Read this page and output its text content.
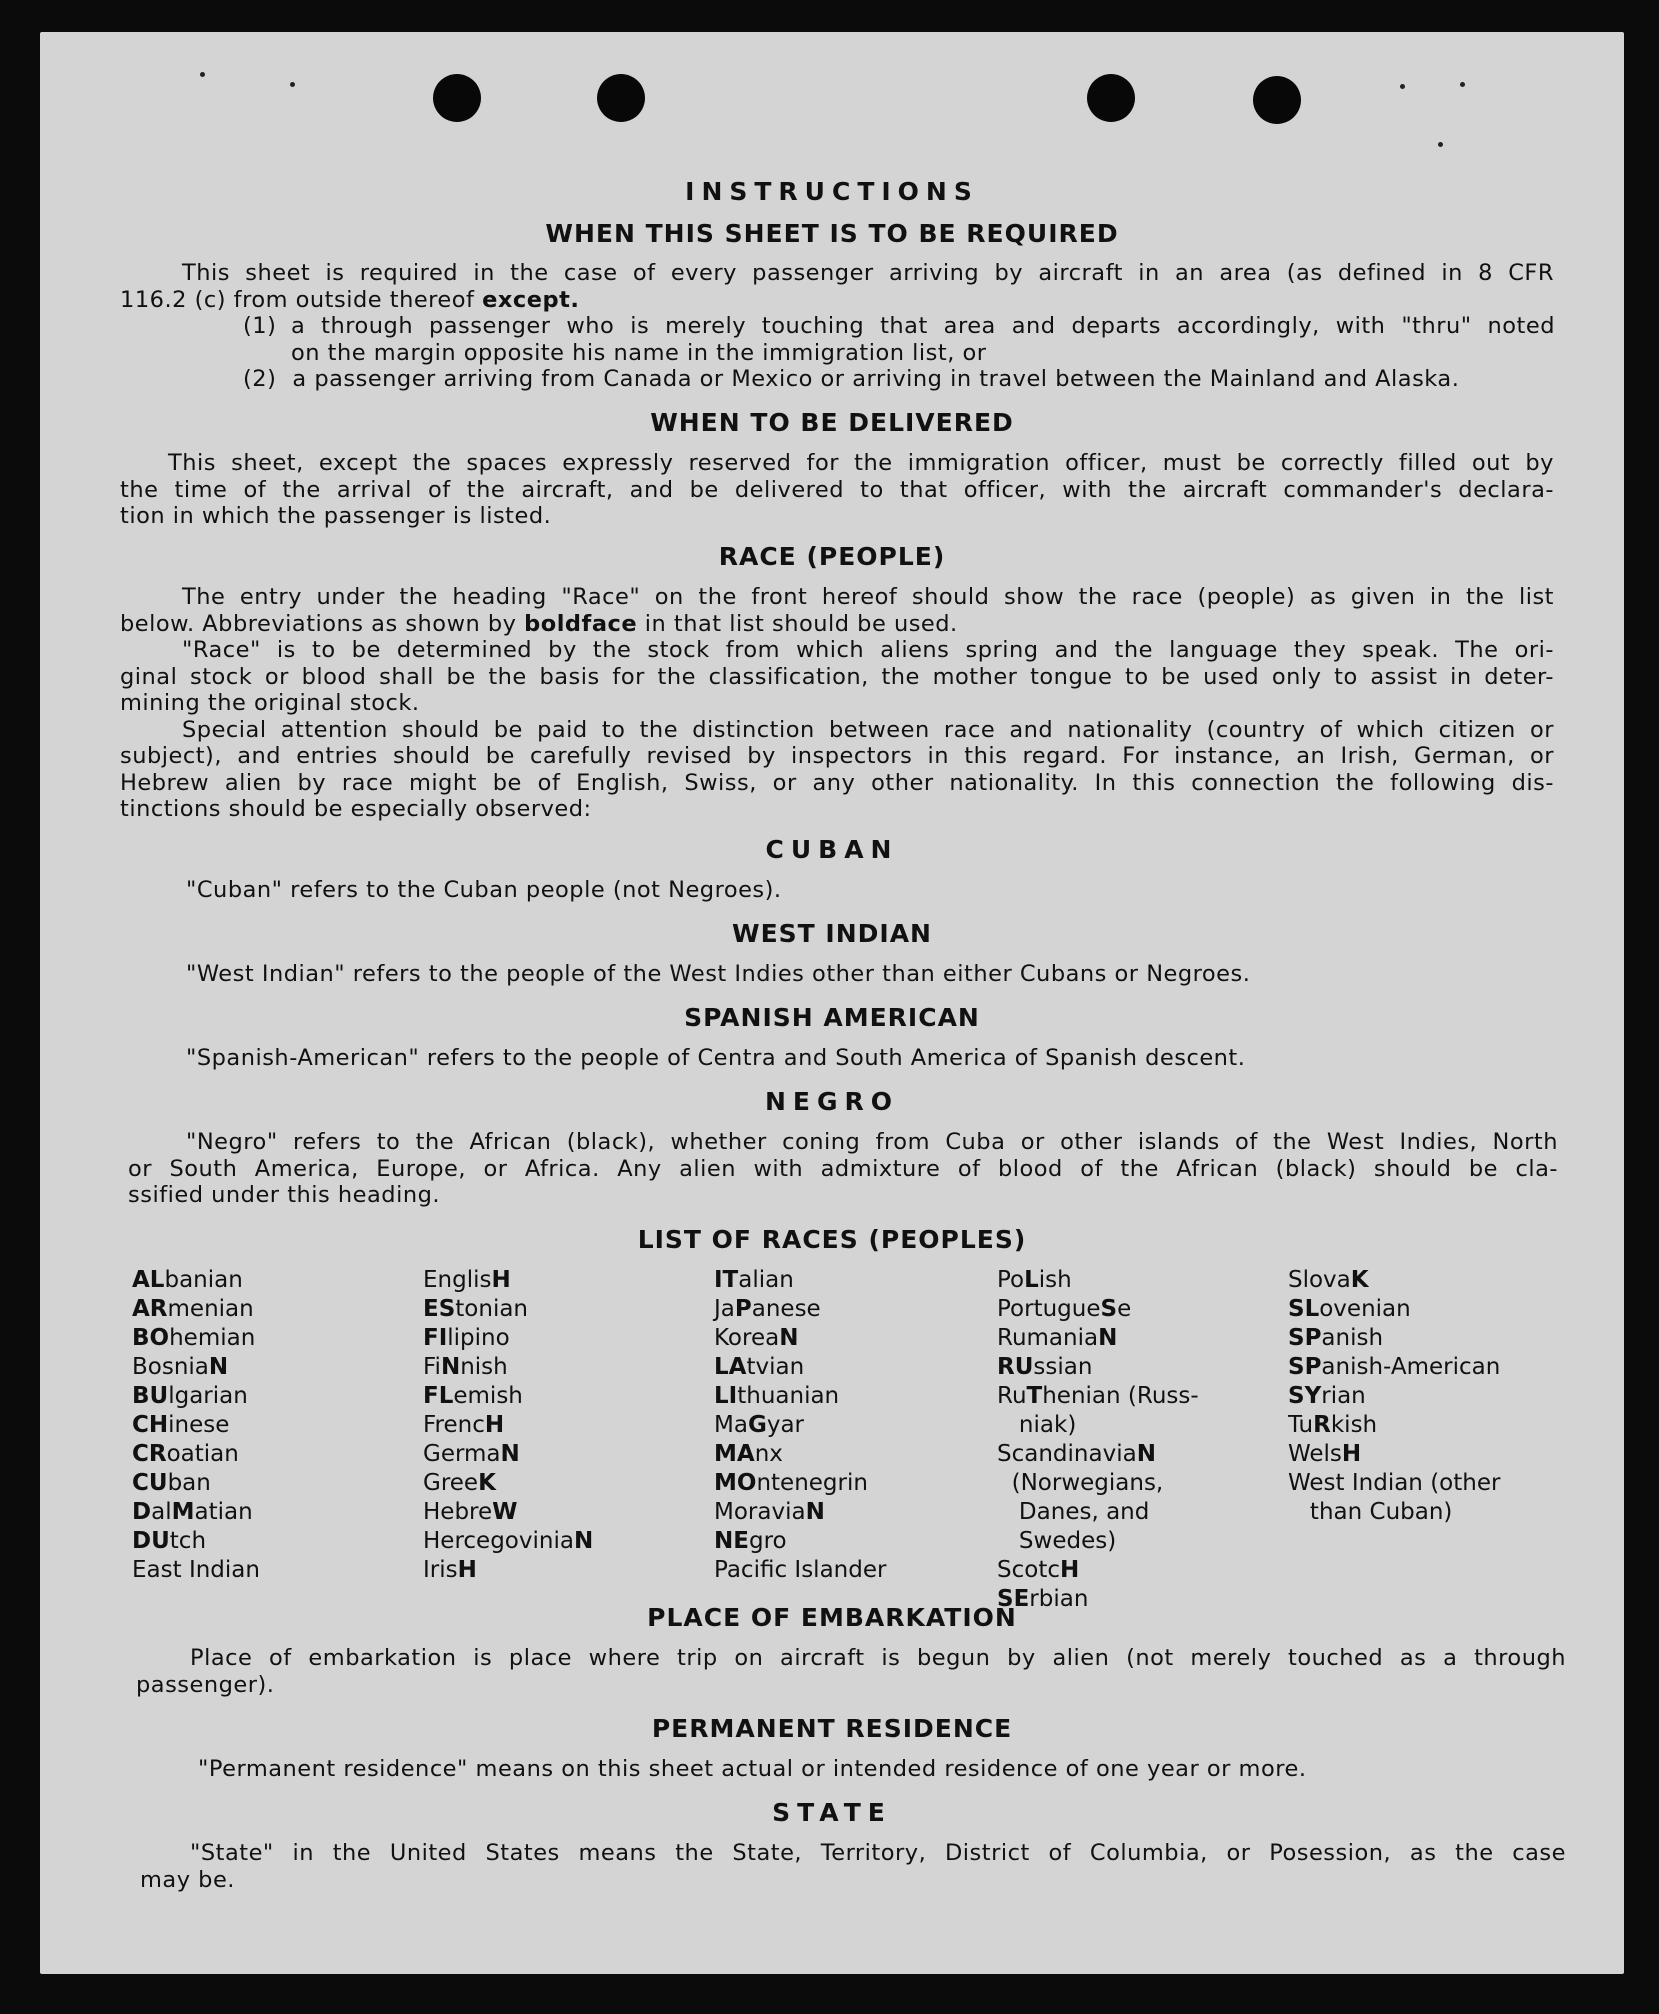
INSTRUCTIONS
WHEN THIS SHEET IS TO BE REQUIRED
This sheet is required in the case of every passenger arriving by aircraft in an area (as defined in 8 CFR
116.2 (c) from outside thereof except.
(1) a through passenger who is merely touching that area and departs accordingly, with "thru" noted
on the margin opposite his name in the immigration list, or
(2) a passenger arriving from Canada or Mexico or arriving in travel between the Mainland and Alaska.
WHEN TO BE DELIVERED
This sheet, except the spaces expressly reserved for the immigration officer, must be correctly filled out by
the time of the arrival of the aircraft, and be delivered to that officer, with the aircraft commander's declara-
tion in which the passenger is listed.
RACE (PEOPLE)
The entry under the heading "Race" on the front hereof should show the race (people) as given in the list
below. Abbreviations as shown by boldface in that list should be used.
"Race" is to be determined by the stock from which aliens spring and the language they speak. The ori-
ginal stock or blood shall be the basis for the classification, the mother tongue to be used only to assist in deter-
mining the original stock.
Special attention should be paid to the distinction between race and nationality (country of which citizen or
subject), and entries should be carefully revised by inspectors in this regard. For instance, an Irish, German, or
Hebrew alien by race might be of English, Swiss, or any other nationality. In this connection the following dis-
tinctions should be especially observed:
CUBAN
"Cuban" refers to the Cuban people (not Negroes).
WEST INDIAN
"West Indian" refers to the people of the West Indies other than either Cubans or Negroes.
SPANISH AMERICAN
"Spanish-American" refers to the people of Centra and South America of Spanish descent.
NEGRO
"Negro" refers to the African (black), whether coning from Cuba or other islands of the West Indies, North
or South America, Europe, or Africa. Any alien with admixture of blood of the African (black) should be cla-
ssified under this heading.
LIST OF RACES (PEOPLES)
ALbanian
ARmenian
BOhemian
BosniaN
BUlgarian
CHinese
CRoatian
CUban
DalMatian
DUtch
East Indian
EnglisH
EStonian
FIlipino
FiNnish
FLemish
FrencH
GermaN
GreeK
HebreW
HercegoviniaN
IrisH
ITalian
JaPanese
KoreaN
LAtvian
LIthuanian
MaGyar
MAnx
MOntenegrin
MoraviaN
NEgro
Pacific Islander
PoLish
PortugueSe
RumaniaN
RUssian
RuThenian (Russ-
niak)
ScandinaviaN
(Norwegians,
Danes, and
Swedes)
ScotcH
SErbian
SlovaK
SLovenian
SPanish
SPanish-American
SYrian
TuRkish
WelsH
West Indian (other
than Cuban)
PLACE OF EMBARKATION
Place of embarkation is place where trip on aircraft is begun by alien (not merely touched as a through
passenger).
PERMANENT RESIDENCE
"Permanent residence" means on this sheet actual or intended residence of one year or more.
STATE
"State" in the United States means the State, Territory, District of Columbia, or Posession, as the case
may be.
